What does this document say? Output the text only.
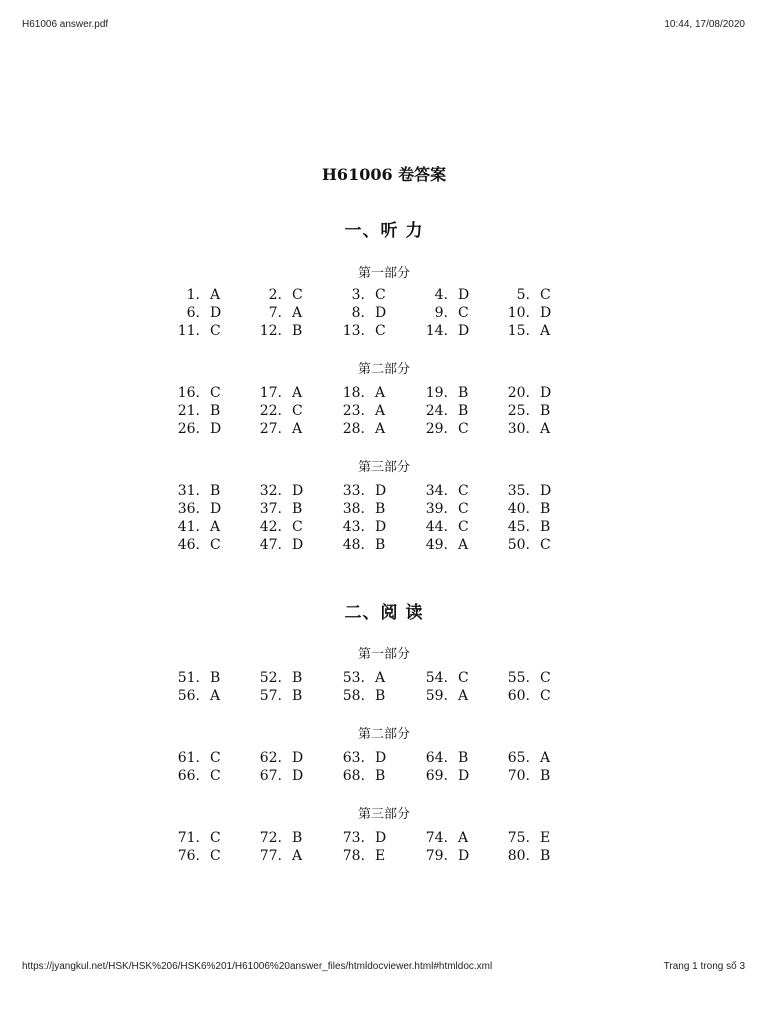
H61006 answer.pdf	10:44, 17/08/2020
H61006 卷答案
一、听 力
第一部分
1. A	2. C	3. C	4. D	5. C
6. D	7. A	8. D	9. C	10. D
11. C	12. B	13. C	14. D	15. A
第二部分
16. C	17. A	18. A	19. B	20. D
21. B	22. C	23. A	24. B	25. B
26. D	27. A	28. A	29. C	30. A
第三部分
31. B	32. D	33. D	34. C	35. D
36. D	37. B	38. B	39. C	40. B
41. A	42. C	43. D	44. C	45. B
46. C	47. D	48. B	49. A	50. C
二、阅 读
第一部分
51. B	52. B	53. A	54. C	55. C
56. A	57. B	58. B	59. A	60. C
第二部分
61. C	62. D	63. D	64. B	65. A
66. C	67. D	68. B	69. D	70. B
第三部分
71. C	72. B	73. D	74. A	75. E
76. C	77. A	78. E	79. D	80. B
https://jyangkul.net/HSK/HSK%206/HSK6%201/H61006%20answer_files/htmldocviewer.html#htmldoc.xml	Trang 1 trong số 3
